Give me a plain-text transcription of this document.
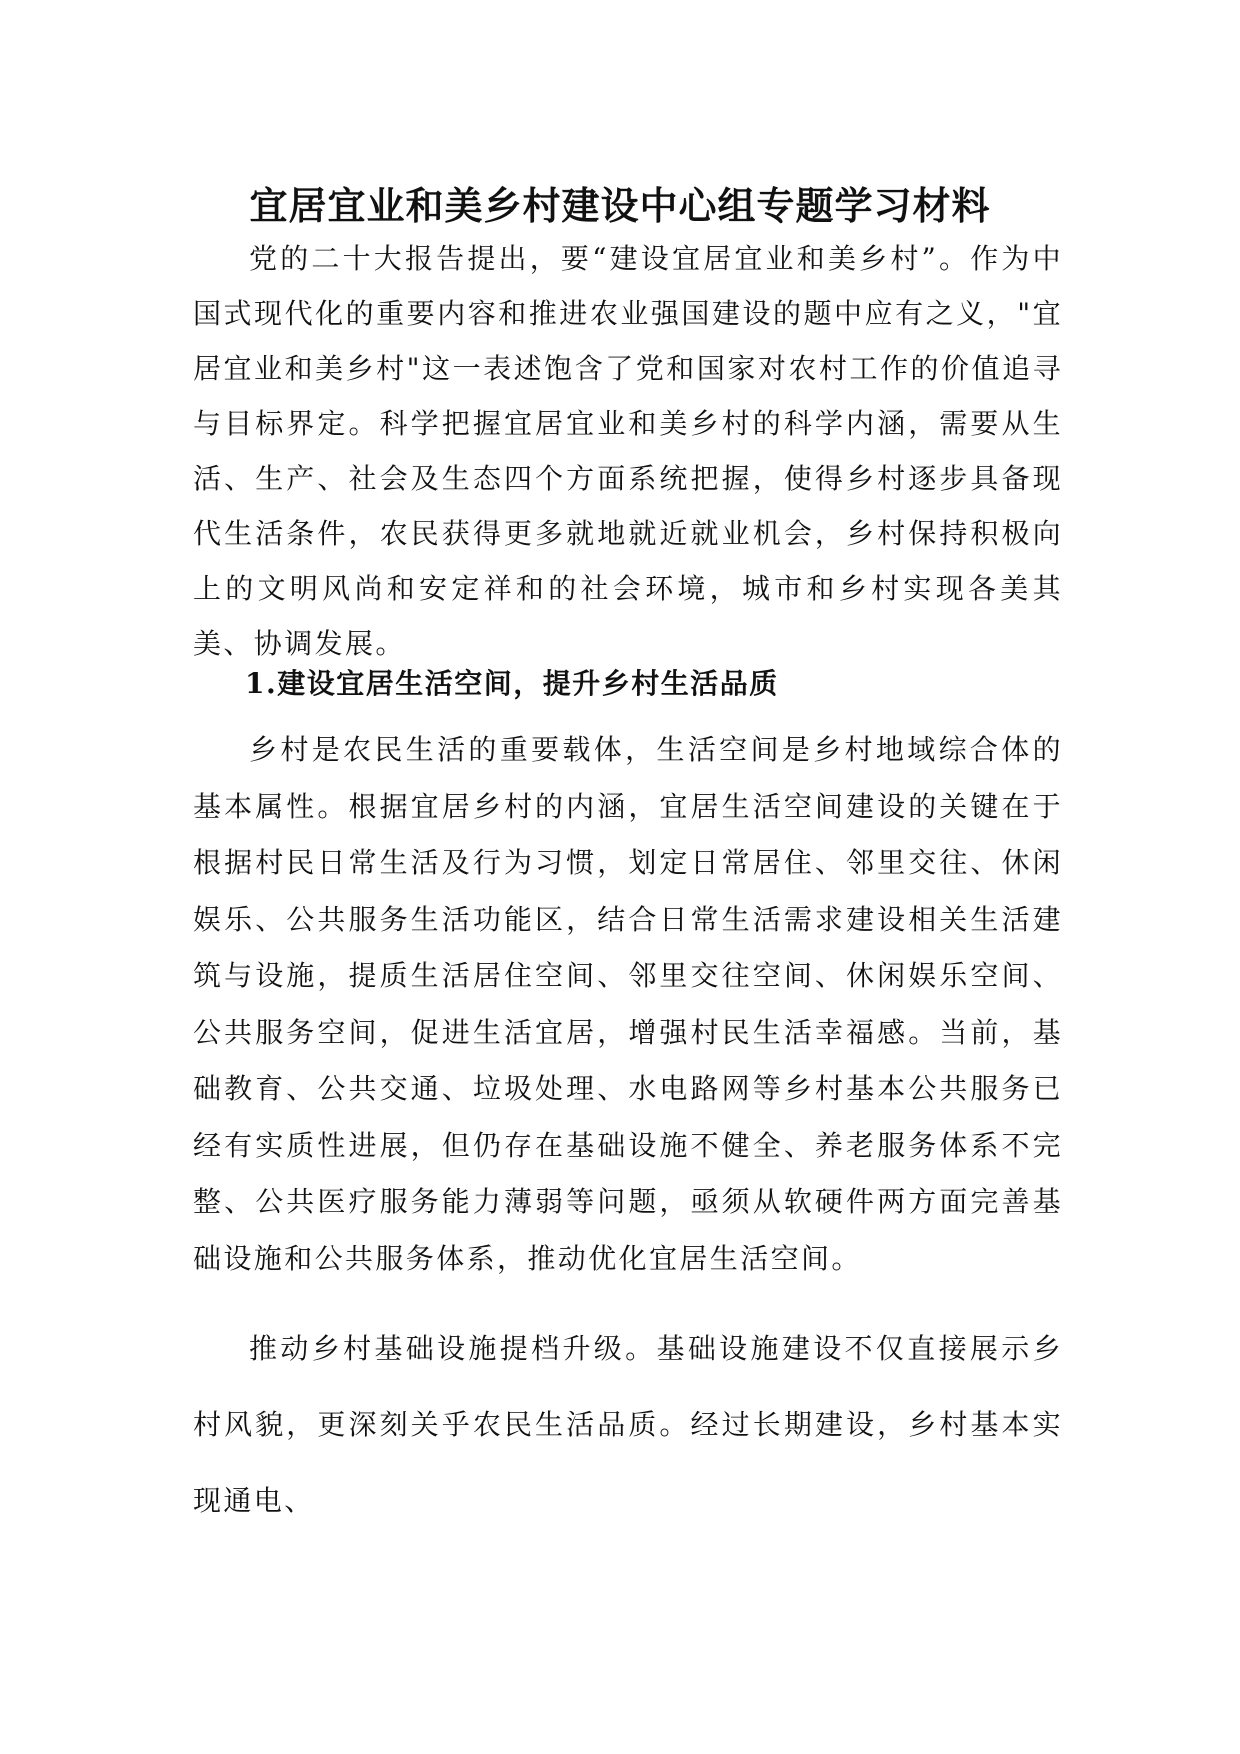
宜居宜业和美乡村建设中心组专题学习材料

党的二十大报告提出，要“建设宜居宜业和美乡村”。作为中国式现代化的重要内容和推进农业强国建设的题中应有之义，"宜居宜业和美乡村"这一表述饱含了党和国家对农村工作的价值追寻与目标界定。科学把握宜居宜业和美乡村的科学内涵，需要从生活、生产、社会及生态四个方面系统把握，使得乡村逐步具备现代生活条件，农民获得更多就地就近就业机会，乡村保持积极向上的文明风尚和安定祥和的社会环境，城市和乡村实现各美其美、协调发展。

1.建设宜居生活空间，提升乡村生活品质

乡村是农民生活的重要载体，生活空间是乡村地域综合体的基本属性。根据宜居乡村的内涵，宜居生活空间建设的关键在于根据村民日常生活及行为习惯，划定日常居住、邻里交往、休闲娱乐、公共服务生活功能区，结合日常生活需求建设相关生活建筑与设施，提质生活居住空间、邻里交往空间、休闲娱乐空间、公共服务空间，促进生活宜居，增强村民生活幸福感。当前，基础教育、公共交通、垃圾处理、水电路网等乡村基本公共服务已经有实质性进展，但仍存在基础设施不健全、养老服务体系不完整、公共医疗服务能力薄弱等问题，亟须从软硬件两方面完善基础设施和公共服务体系，推动优化宜居生活空间。

推动乡村基础设施提档升级。基础设施建设不仅直接展示乡村风貌，更深刻关乎农民生活品质。经过长期建设，乡村基本实现通电、
